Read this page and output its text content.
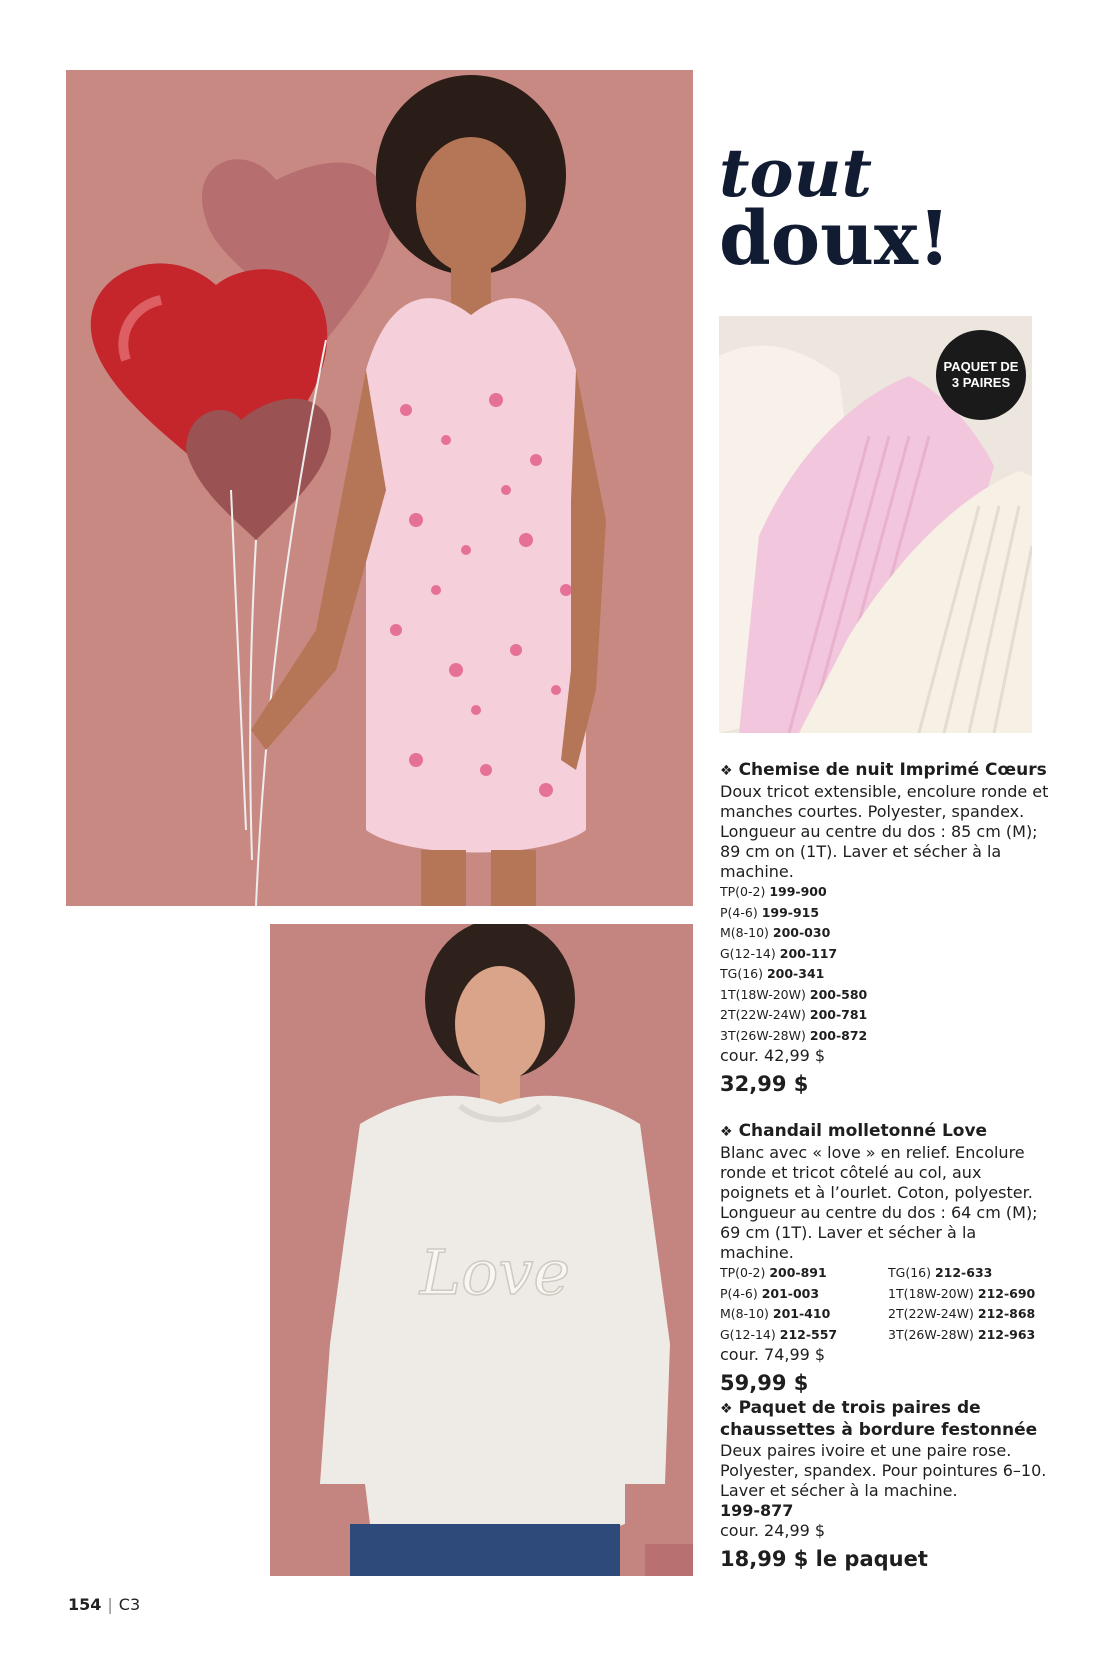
tout
doux!
PAQUET DE
3 PAIRES
Love

❖ Chemise de nuit Imprimé Cœurs

Doux tricot extensible, encolure ronde et manches courtes. Polyester, spandex. Longueur au centre du dos : 85 cm (M); 89 cm on (1T). Laver et sécher à la machine.

TP(0-2) 199-900
P(4-6) 199-915
M(8-10) 200-030
G(12-14) 200-117
TG(16) 200-341
1T(18W-20W) 200-580
2T(22W-24W) 200-781
3T(26W-28W) 200-872

cour. 42,99 $

32,99 $

❖ Chandail molletonné Love

Blanc avec « love » en relief. Encolure ronde et tricot côtelé au col, aux poignets et à l’ourlet. Coton, polyester. Longueur au centre du dos : 64 cm (M); 69 cm (1T). Laver et sécher à la machine.

TP(0-2) 200-891	TG(16) 212-633
P(4-6) 201-003	1T(18W-20W) 212-690
M(8-10) 201-410	2T(22W-24W) 212-868
G(12-14) 212-557	3T(26W-28W) 212-963

cour. 74,99 $

59,99 $

❖ Paquet de trois paires de chaussettes à bordure festonnée

Deux paires ivoire et une paire rose. Polyester, spandex. Pour pointures 6–10. Laver et sécher à la machine.

199-877

cour. 24,99 $

18,99 $ le paquet
154 | C3
